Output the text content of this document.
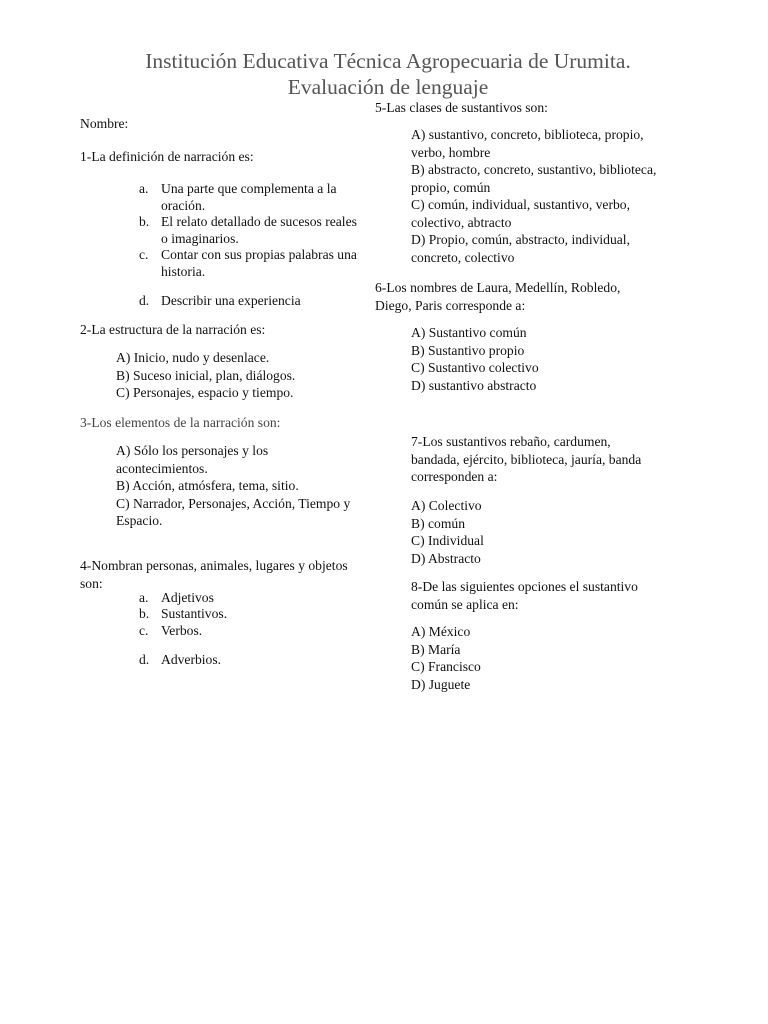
Institución Educativa Técnica Agropecuaria de Urumita.
Evaluación de lenguaje
Nombre:
1-La definición de narración es:
a. Una parte que complementa a la
oración.
b. El relato detallado de sucesos reales
o imaginarios.
c. Contar con sus propias palabras una
historia.
d. Describir una experiencia
2-La estructura de la narración es:
A) Inicio, nudo y desenlace.
B) Suceso inicial, plan, diálogos.
C) Personajes, espacio y tiempo.
3-Los elementos de la narración son:
A) Sólo los personajes y los
acontecimientos.
B) Acción, atmósfera, tema, sitio.
C) Narrador, Personajes, Acción, Tiempo y
Espacio.
4-Nombran personas, animales, lugares y objetos
son:
a. Adjetivos
b. Sustantivos.
c. Verbos.
d. Adverbios.
5-Las clases de sustantivos son:
A) sustantivo, concreto, biblioteca, propio,
verbo, hombre
B) abstracto, concreto, sustantivo, biblioteca,
propio, común
C) común, individual, sustantivo, verbo,
colectivo, abtracto
D) Propio, común, abstracto, individual,
concreto, colectivo
6-Los nombres de Laura, Medellín, Robledo,
Diego, Paris corresponde a:
A) Sustantivo común
B) Sustantivo propio
C) Sustantivo colectivo
D) sustantivo abstracto
7-Los sustantivos rebaño, cardumen,
bandada, ejército, biblioteca, jauría, banda
corresponden a:
A) Colectivo
B) común
C) Individual
D) Abstracto
8-De las siguientes opciones el sustantivo
común se aplica en:
A) México
B) María
C) Francisco
D) Juguete
